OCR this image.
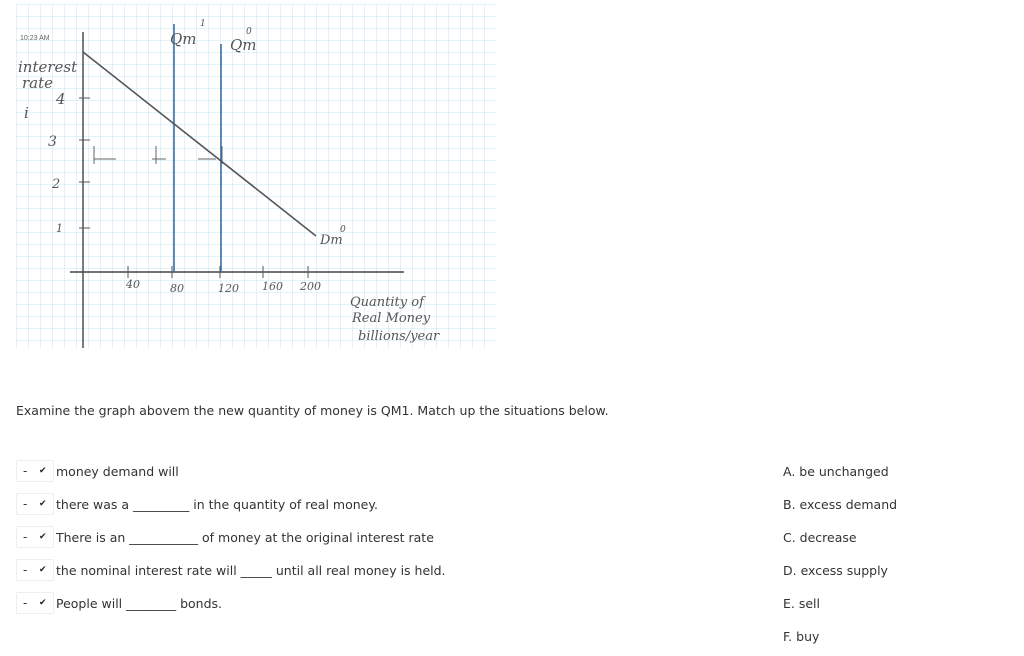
10:23 AM
interest
rate
i
4
3
2
1
40	80	120 160 200
Qm
1
Qm
0
Dm
0
Quantity of
Real Money
billions/year
Examine the graph abovem the new quantity of money is QM1. Match up the situations below.
-	✔ money demand will
-	✔ there was a _________ in the quantity of real money.
-	✔ There is an ___________ of money at the original interest rate
-	✔ the nominal interest rate will _____ until all real money is held.
-	✔ People will ________ bonds.
A. be unchanged
B. excess demand
C. decrease
D. excess supply
E. sell
F. buy
